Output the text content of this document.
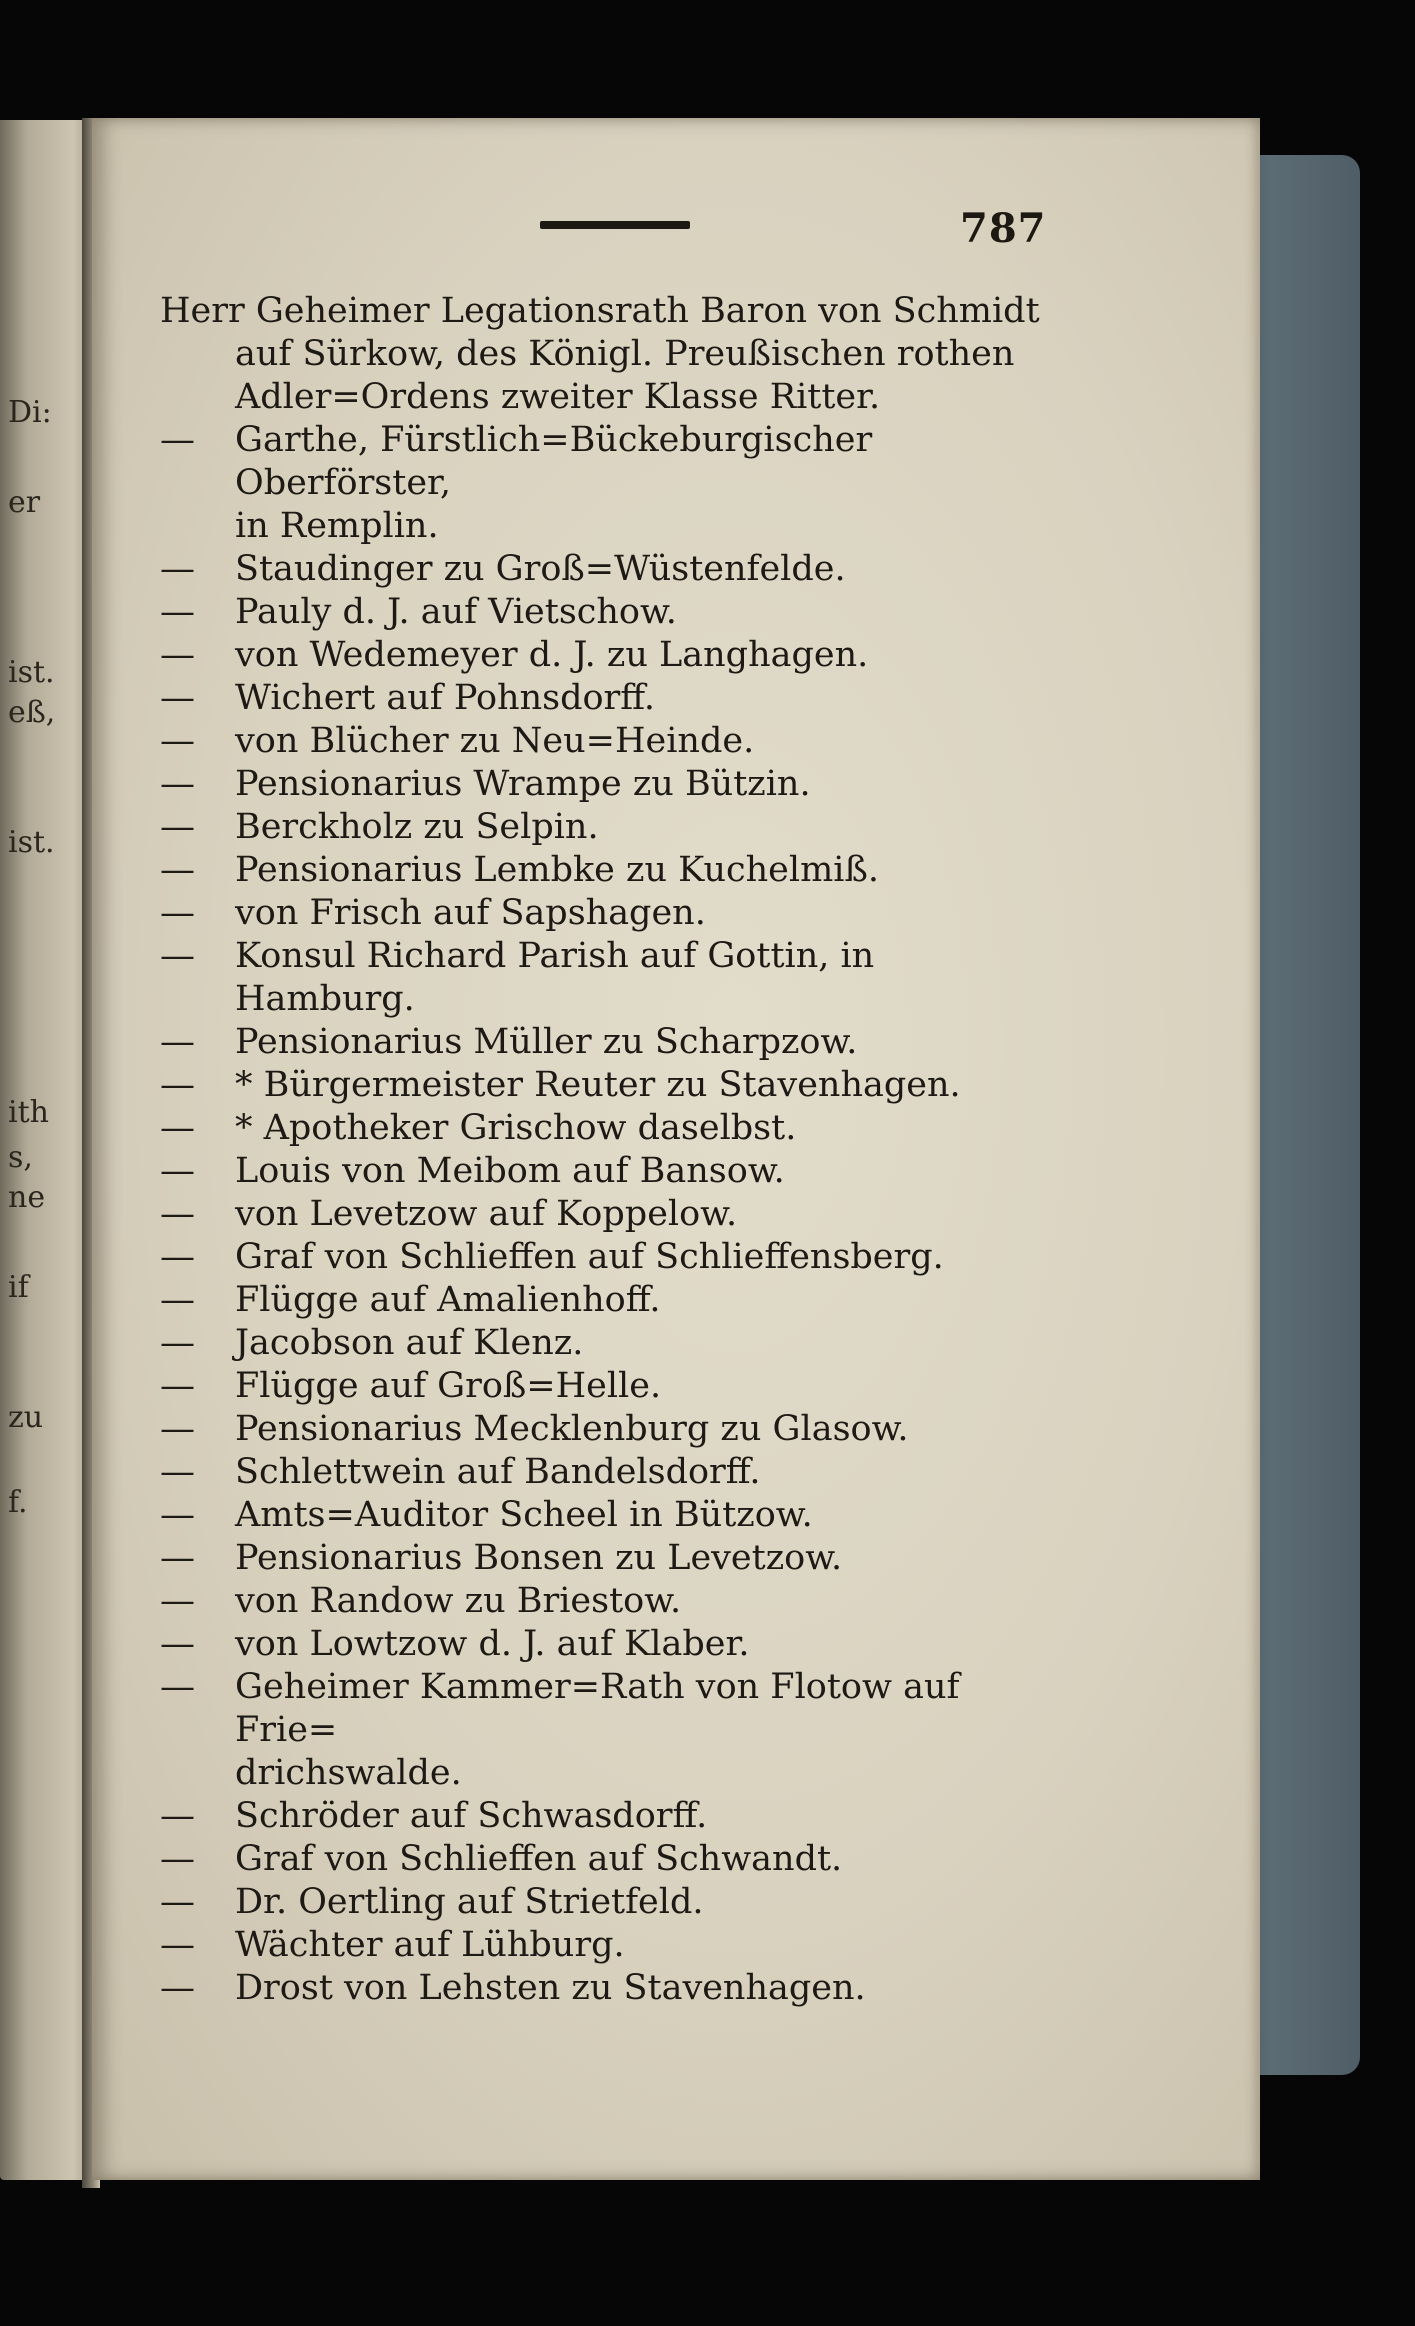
Di:
er
ist.
eß,
ist.
ith
s,
ne
if
zu
f.
787
Herr Geheimer Legationsrath Baron von Schmidt
auf Sürkow, des Königl. Preußischen rothen
Adler=Ordens zweiter Klasse Ritter.
—	Garthe, Fürstlich=Bückeburgischer Oberförster,
in Remplin.
—	Staudinger zu Groß=Wüstenfelde.
—	Pauly d. J. auf Vietschow.
—	von Wedemeyer d. J. zu Langhagen.
—	Wichert auf Pohnsdorff.
—	von Blücher zu Neu=Heinde.
—	Pensionarius Wrampe zu Bützin.
—	Berckholz zu Selpin.
—	Pensionarius Lembke zu Kuchelmiß.
—	von Frisch auf Sapshagen.
—	Konsul Richard Parish auf Gottin, in Hamburg.
—	Pensionarius Müller zu Scharpzow.
—	* Bürgermeister Reuter zu Stavenhagen.
—	* Apotheker Grischow daselbst.
—	Louis von Meibom auf Bansow.
—	von Levetzow auf Koppelow.
—	Graf von Schlieffen auf Schlieffensberg.
—	Flügge auf Amalienhoff.
—	Jacobson auf Klenz.
—	Flügge auf Groß=Helle.
—	Pensionarius Mecklenburg zu Glasow.
—	Schlettwein auf Bandelsdorff.
—	Amts=Auditor Scheel in Bützow.
—	Pensionarius Bonsen zu Levetzow.
—	von Randow zu Briestow.
—	von Lowtzow d. J. auf Klaber.
—	Geheimer Kammer=Rath von Flotow auf Frie=
drichswalde.
—	Schröder auf Schwasdorff.
—	Graf von Schlieffen auf Schwandt.
—	Dr. Oertling auf Strietfeld.
—	Wächter auf Lühburg.
—	Drost von Lehsten zu Stavenhagen.
